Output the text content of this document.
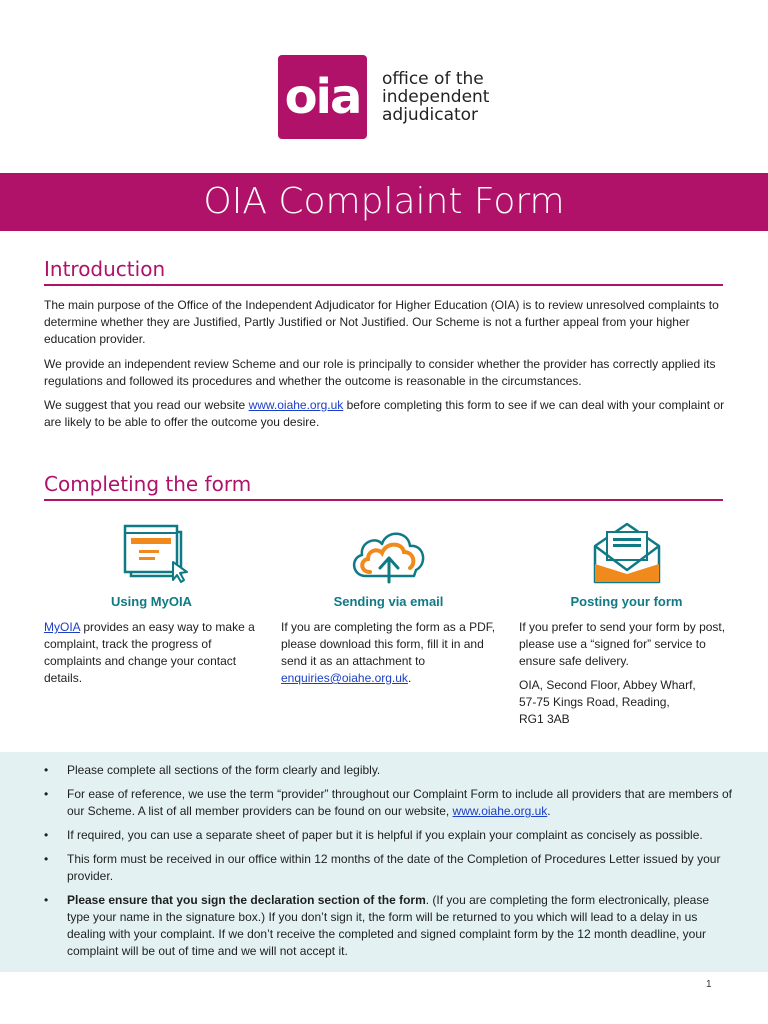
oia	office of the
independent
adjudicator
OIA Complaint Form
Introduction

The main purpose of the Office of the Independent Adjudicator for Higher Education (OIA) is to review unresolved complaints to determine whether they are Justified, Partly Justified or Not Justified. Our Scheme is not a further appeal from your higher education provider.

We provide an independent review Scheme and our role is principally to consider whether the provider has correctly applied its regulations and followed its procedures and whether the outcome is reasonable in the circumstances.

We suggest that you read our website www.oiahe.org.uk before completing this form to see if we can deal with your complaint or are likely to be able to offer the outcome you desire.

Completing the form
Using MyOIA

MyOIA provides an easy way to make a complaint, track the progress of complaints and change your contact details.

Sending via email

If you are completing the form as a PDF, please download this form, fill it in and send it as an attachment to enquiries@oiahe.org.uk.

Posting your form

If you prefer to send your form by post, please use a “signed for” service to ensure safe delivery.

OIA, Second Floor, Abbey Wharf,
57-75 Kings Road, Reading,
RG1 3AB

• Please complete all sections of the form clearly and legibly.
• For ease of reference, we use the term “provider” throughout our Complaint Form to include all providers that are members of our Scheme. A list of all member providers can be found on our website, www.oiahe.org.uk.
• If required, you can use a separate sheet of paper but it is helpful if you explain your complaint as concisely as possible.
• This form must be received in our office within 12 months of the date of the Completion of Procedures Letter issued by your provider.
• Please ensure that you sign the declaration section of the form. (If you are completing the form electronically, please type your name in the signature box.) If you don’t sign it, the form will be returned to you which will lead to a delay in us dealing with your complaint. If we don’t receive the completed and signed complaint form by the 12 month deadline, your complaint will be out of time and we will not accept it.
1
